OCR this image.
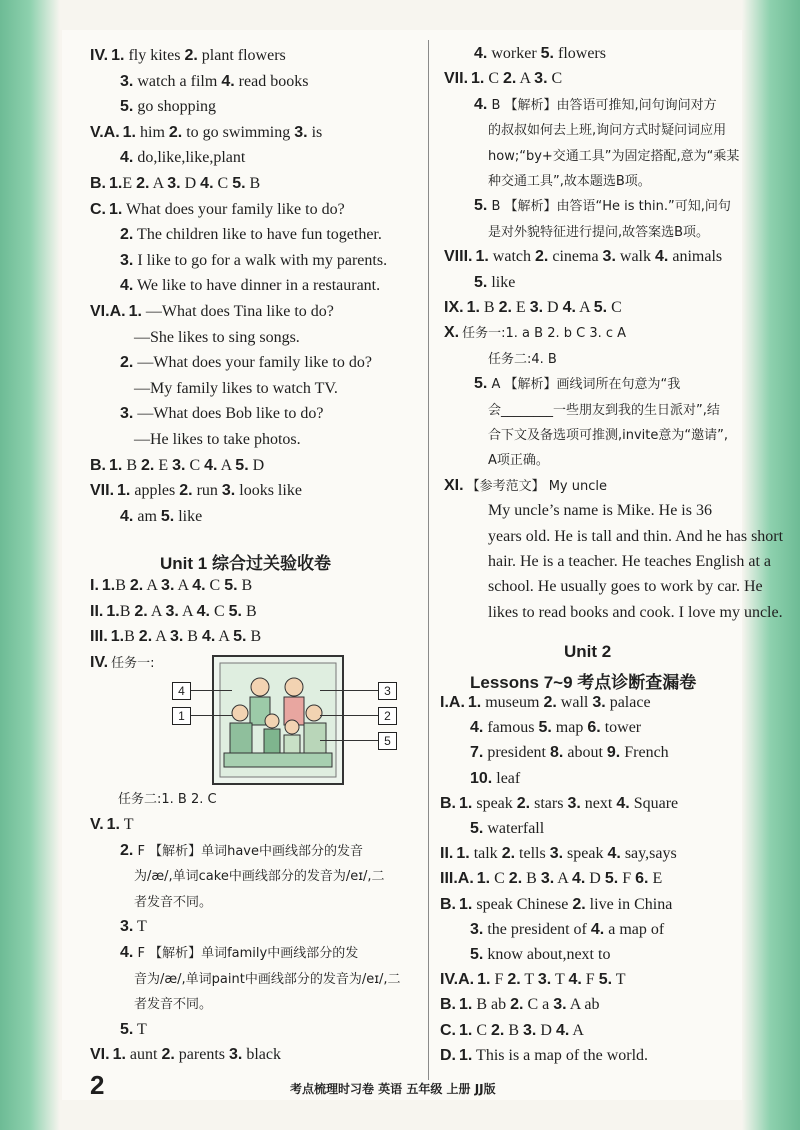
IV. 1. fly kites 2. plant flowers
3. watch a film 4. read books
5. go shopping
V.A. 1. him 2. to go swimming 3. is
4. do,like,like,plant
B. 1.E 2. A 3. D 4. C 5. B
C. 1. What does your family like to do?
2. The children like to have fun together.
3. I like to go for a walk with my parents.
4. We like to have dinner in a restaurant.
VI.A. 1. —What does Tina like to do?
—She likes to sing songs.
2. —What does your family like to do?
—My family likes to watch TV.
3. —What does Bob like to do?
—He likes to take photos.
B. 1. B 2. E 3. C 4. A 5. D
VII. 1. apples 2. run 3. looks like
4. am 5. like
Unit 1 综合过关验收卷
I. 1.B 2. A 3. A 4. C 5. B
II. 1.B 2. A 3. A 4. C 5. B
III. 1.B 2. A 3. B 4. A 5. B
IV. 任务一:
4
1
3
2
5
任务二:1. B 2. C
V. 1. T
2. F 【解析】单词have中画线部分的发音
为/æ/,单词cake中画线部分的发音为/eɪ/,二
者发音不同。
3. T
4. F 【解析】单词family中画线部分的发
音为/æ/,单词paint中画线部分的发音为/eɪ/,二
者发音不同。
5. T
VI. 1. aunt 2. parents 3. black
4. worker 5. flowers
VII. 1. C 2. A 3. C
4. B 【解析】由答语可推知,问句询问对方
的叔叔如何去上班,询问方式时疑问词应用
how;“by+交通工具”为固定搭配,意为“乘某
种交通工具”,故本题选B项。
5. B 【解析】由答语“He is thin.”可知,问句
是对外貌特征进行提问,故答案选B项。
VIII. 1. watch 2. cinema 3. walk 4. animals
5. like
IX. 1. B 2. E 3. D 4. A 5. C
X. 任务一:1. a B 2. b C 3. c A
任务二:4. B
5. A 【解析】画线词所在句意为“我
会________一些朋友到我的生日派对”,结
合下文及备选项可推测,invite意为“邀请”,
A项正确。
XI. 【参考范文】 My uncle
My uncle’s name is Mike. He is 36
years old. He is tall and thin. And he has short
hair. He is a teacher. He teaches English at a
school. He usually goes to work by car. He
likes to read books and cook. I love my uncle.
Unit 2
Lessons 7~9 考点诊断查漏卷
I.A. 1. museum 2. wall 3. palace
4. famous 5. map 6. tower
7. president 8. about 9. French
10. leaf
B. 1. speak 2. stars 3. next 4. Square
5. waterfall
II. 1. talk 2. tells 3. speak 4. say,says
III.A. 1. C 2. B 3. A 4. D 5. F 6. E
B. 1. speak Chinese 2. live in China
3. the president of 4. a map of
5. know about,next to
IV.A. 1. F 2. T 3. T 4. F 5. T
B. 1. B ab 2. C a 3. A ab
C. 1. C 2. B 3. D 4. A
D. 1. This is a map of the world.
2	考点梳理时习卷 英语 五年级 上册 JJ版
